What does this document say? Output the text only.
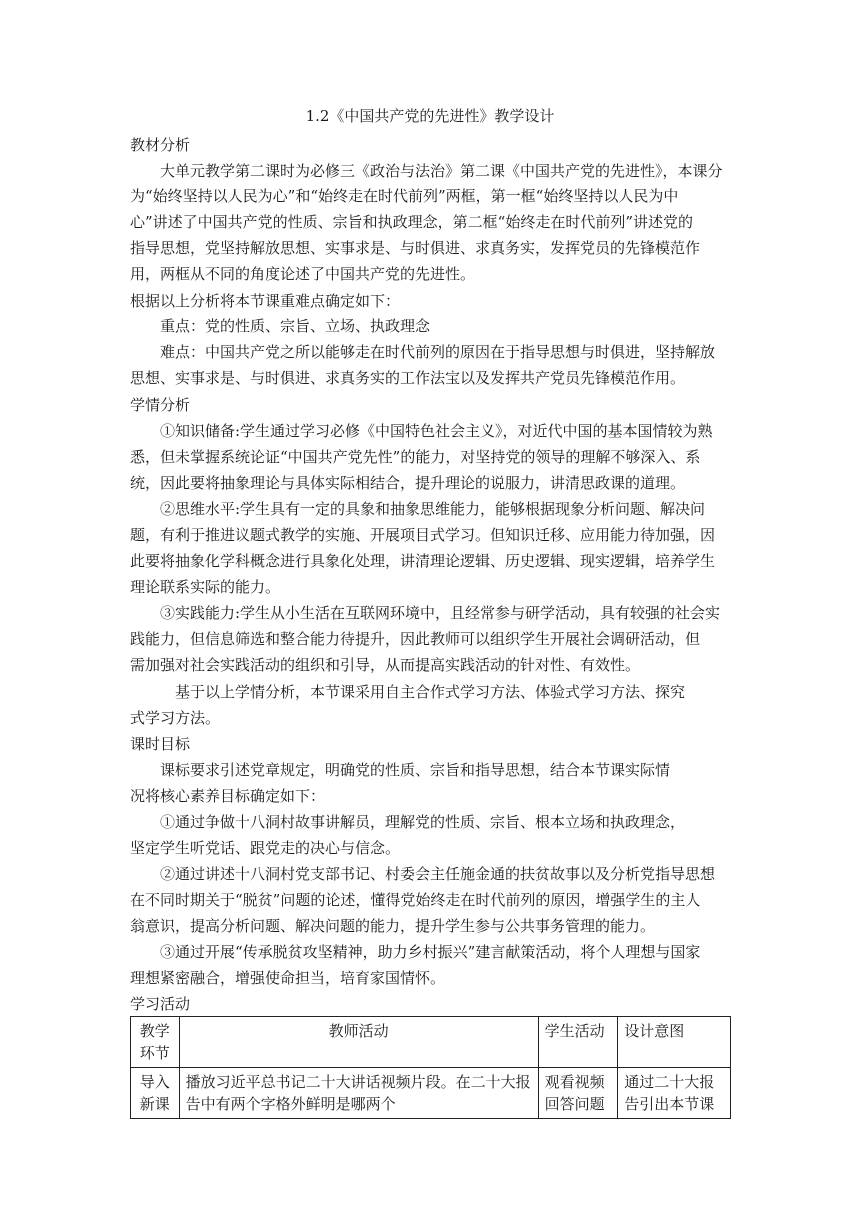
1.2《中国共产党的先进性》教学设计

教材分析

大单元教学第二课时为必修三《政治与法治》第二课《中国共产党的先进性》，本课分

为“始终坚持以人民为心”和“始终走在时代前列”两框，第一框“始终坚持以人民为中

心”讲述了中国共产党的性质、宗旨和执政理念，第二框“始终走在时代前列”讲述党的

指导思想，党坚持解放思想、实事求是、与时俱进、求真务实，发挥党员的先锋模范作

用，两框从不同的角度论述了中国共产党的先进性。

根据以上分析将本节课重难点确定如下：

重点：党的性质、宗旨、立场、执政理念

难点：中国共产党之所以能够走在时代前列的原因在于指导思想与时俱进，坚持解放

思想、实事求是、与时俱进、求真务实的工作法宝以及发挥共产党员先锋模范作用。

学情分析

①知识储备:学生通过学习必修《中国特色社会主义》，对近代中国的基本国情较为熟

悉，但未掌握系统论证“中国共产党先性”的能力，对坚持党的领导的理解不够深入、系

统，因此要将抽象理论与具体实际相结合，提升理论的说服力，讲清思政课的道理。

②思维水平:学生具有一定的具象和抽象思维能力，能够根据现象分析问题、解决问

题，有利于推进议题式教学的实施、开展项目式学习。但知识迁移、应用能力待加强，因

此要将抽象化学科概念进行具象化处理，讲清理论逻辑、历史逻辑、现实逻辑，培养学生

理论联系实际的能力。

③实践能力:学生从小生活在互联网环境中，且经常参与研学活动，具有较强的社会实

践能力，但信息筛选和整合能力待提升，因此教师可以组织学生开展社会调研活动，但

需加强对社会实践活动的组织和引导，从而提高实践活动的针对性、有效性。

基于以上学情分析，本节课采用自主合作式学习方法、体验式学习方法、探究

式学习方法。

课时目标

课标要求引述党章规定，明确党的性质、宗旨和指导思想，结合本节课实际情

况将核心素养目标确定如下：

①通过争做十八洞村故事讲解员，理解党的性质、宗旨、根本立场和执政理念，

坚定学生听党话、跟党走的决心与信念。

②通过讲述十八洞村党支部书记、村委会主任施金通的扶贫故事以及分析党指导思想

在不同时期关于“脱贫”问题的论述，懂得党始终走在时代前列的原因，增强学生的主人

翁意识，提高分析问题、解决问题的能力，提升学生参与公共事务管理的能力。

③通过开展“传承脱贫攻坚精神，助力乡村振兴”建言献策活动，将个人理想与国家

理想紧密融合，增强使命担当，培育家国情怀。

学习活动

教学环节	教师活动	学生活动	设计意图
导入新课	播放习近平总书记二十大讲话视频片段。在二十大报告中有两个字格外鲜明是哪两个	观看视频回答问题	通过二十大报告引出本节课
